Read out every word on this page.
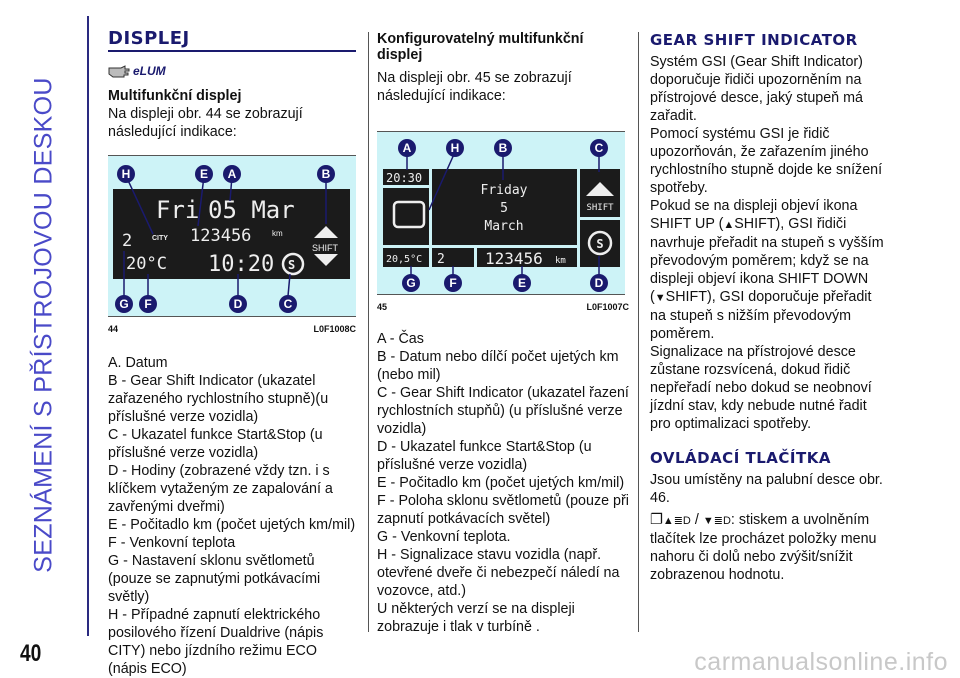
SEZNÁMENÍ S PŘÍSTROJOVOU DESKOU
40	carmanualsonline.info
DISPLEJ
eLUM
Multifunkční displej

Na displeji obr. 44 se zobrazují následující indikace:

Fri 05 Mar
123456	km
2	CITY
20°C 10:20 S
SHIFT
H	E A	B
G F	D	C
44	L0F1008C

A. Datum

B - Gear Shift Indicator (ukazatel zařazeného rychlostního stupně)(u příslušné verze vozidla)

C - Ukazatel funkce Start&Stop (u příslušné verze vozidla)

D - Hodiny (zobrazené vždy tzn. i s klíčkem vytaženým ze zapalování a zavřenými dveřmi)

E - Počitadlo km (počet ujetých km/mil)

F - Venkovní teplota

G - Nastavení sklonu světlometů (pouze se zapnutými potkávacími světly)

H - Případné zapnutí elektrického posilového řízení Dualdrive (nápis CITY) nebo jízdního režimu ECO (nápis ECO)

Konfigurovatelný multifunkční displej

Na displeji obr. 45 se zobrazují následující indikace:

20:30
Friday
5
March
SHIFT
S
20,5°C 2	123456 km
A	H	B	C
G	F	E	D
45	L0F1007C

A - Čas

B - Datum nebo dílčí počet ujetých km (nebo mil)

C - Gear Shift Indicator (ukazatel řazení rychlostních stupňů) (u příslušné verze vozidla)

D - Ukazatel funkce Start&Stop (u příslušné verze vozidla)

E - Počitadlo km (počet ujetých km/mil)

F - Poloha sklonu světlometů (pouze při zapnutí potkávacích světel)

G - Venkovní teplota.

H - Signalizace stavu vozidla (např. otevřené dveře či nebezpečí náledí na vozovce, atd.)

U některých verzí se na displeji zobrazuje i tlak v turbíně .

GEAR SHIFT INDICATOR

Systém GSI (Gear Shift Indicator) doporučuje řidiči upozorněním na přístrojové desce, jaký stupeň má zařadit.

Pomocí systému GSI je řidič upozorňován, že zařazením jiného rychlostního stupně dojde ke snížení spotřeby.

Pokud se na displeji objeví ikona SHIFT UP (▲SHIFT), GSI řidiči navrhuje přeřadit na stupeň s vyšším převodovým poměrem; když se na displeji objeví ikona SHIFT DOWN (▼SHIFT), GSI doporučuje přeřadit na stupeň s nižším převodovým poměrem.

Signalizace na přístrojové desce zůstane rozsvícená, dokud řidič nepřeřadí nebo dokud se neobnoví jízdní stav, kdy nebude nutné řadit pro optimalizaci spotřeby.

OVLÁDACÍ TLAČÍTKA

Jsou umístěny na palubní desce obr. 46.

❐▲≣D / ▼≣D: stiskem a uvolněním tlačítek lze procházet položky menu nahoru či dolů nebo zvýšit/snížit zobrazenou hodnotu.
